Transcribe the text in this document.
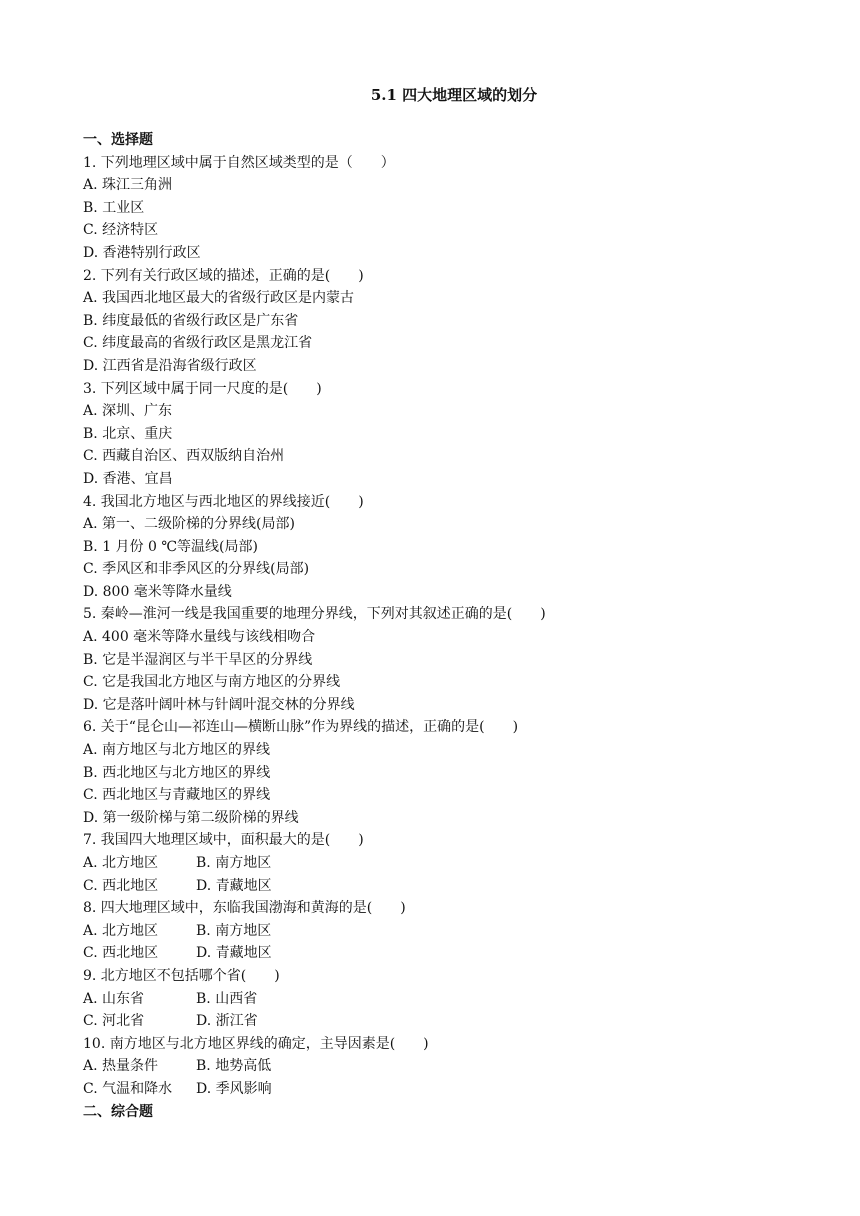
5.1 四大地理区域的划分
一、选择题
1. 下列地理区域中属于自然区域类型的是（　　）
A. 珠江三角洲
B. 工业区
C. 经济特区
D. 香港特别行政区
2. 下列有关行政区域的描述，正确的是(　　)
A. 我国西北地区最大的省级行政区是内蒙古
B. 纬度最低的省级行政区是广东省
C. 纬度最高的省级行政区是黑龙江省
D. 江西省是沿海省级行政区
3. 下列区域中属于同一尺度的是(　　)
A. 深圳、广东
B. 北京、重庆
C. 西藏自治区、西双版纳自治州
D. 香港、宜昌
4. 我国北方地区与西北地区的界线接近(　　)
A. 第一、二级阶梯的分界线(局部)
B. 1 月份 0 ℃等温线(局部)
C. 季风区和非季风区的分界线(局部)
D. 800 毫米等降水量线
5. 秦岭—淮河一线是我国重要的地理分界线，下列对其叙述正确的是(　　)
A. 400 毫米等降水量线与该线相吻合
B. 它是半湿润区与半干旱区的分界线
C. 它是我国北方地区与南方地区的分界线
D. 它是落叶阔叶林与针阔叶混交林的分界线
6. 关于“昆仑山—祁连山—横断山脉”作为界线的描述，正确的是(　　)
A. 南方地区与北方地区的界线
B. 西北地区与北方地区的界线
C. 西北地区与青藏地区的界线
D. 第一级阶梯与第二级阶梯的界线
7. 我国四大地理区域中，面积最大的是(　　)
A. 北方地区	B. 南方地区
C. 西北地区	D. 青藏地区
8. 四大地理区域中，东临我国渤海和黄海的是(　　)
A. 北方地区	B. 南方地区
C. 西北地区	D. 青藏地区
9. 北方地区不包括哪个省(　　)
A. 山东省	B. 山西省
C. 河北省	D. 浙江省
10. 南方地区与北方地区界线的确定，主导因素是(　　)
A. 热量条件	B. 地势高低
C. 气温和降水	D. 季风影响
二、综合题
